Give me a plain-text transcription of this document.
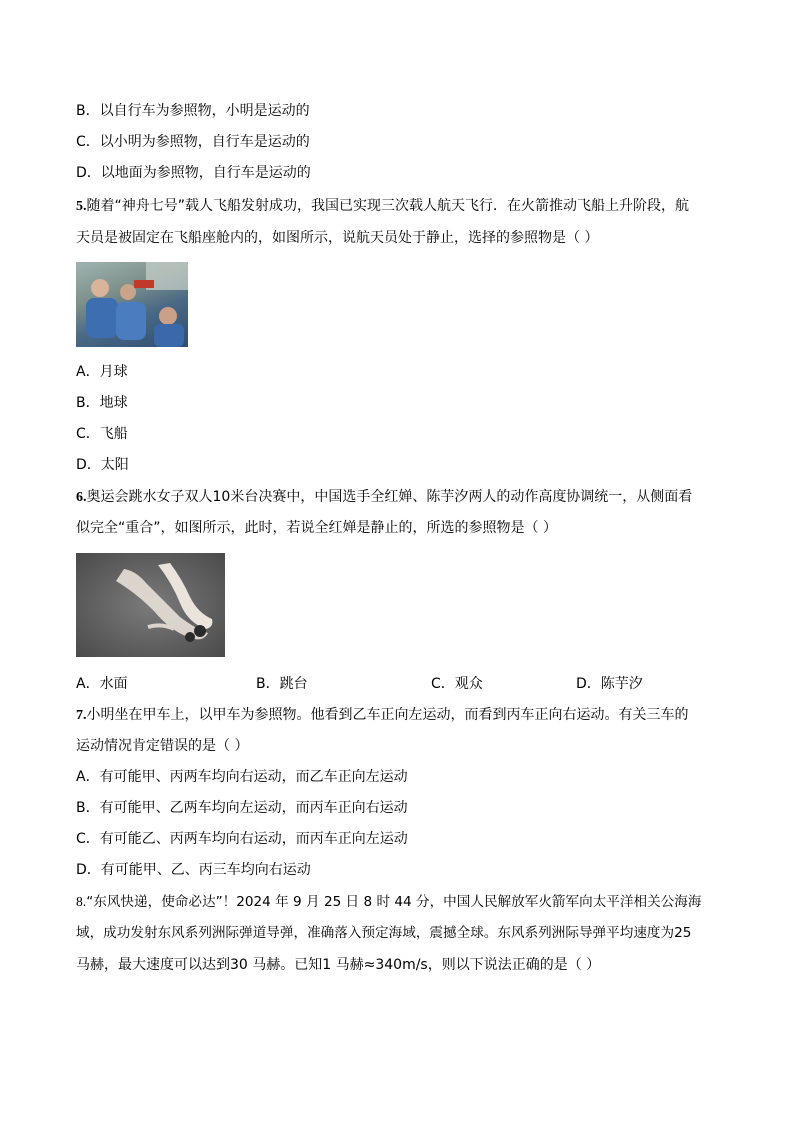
B．以自行车为参照物，小明是运动的
C．以小明为参照物，自行车是运动的
D．以地面为参照物，自行车是运动的
5.随着“神舟七号”载人飞船发射成功，我国已实现三次载人航天飞行．在火箭推动飞船上升阶段，航
天员是被固定在飞船座舱内的，如图所示，说航天员处于静止，选择的参照物是（ ）
A．月球
B．地球
C．飞船
D．太阳
6.奥运会跳水女子双人10米台决赛中，中国选手全红婵、陈芋汐两人的动作高度协调统一，从侧面看
似完全“重合”，如图所示，此时，若说全红婵是静止的，所选的参照物是（ ）
A．水面	B．跳台	C．观众	D．陈芋汐
7.小明坐在甲车上，以甲车为参照物。他看到乙车正向左运动，而看到丙车正向右运动。有关三车的
运动情况肯定错误的是（ ）
A．有可能甲、丙两车均向右运动，而乙车正向左运动
B．有可能甲、乙两车均向左运动，而丙车正向右运动
C．有可能乙、丙两车均向右运动，而丙车正向左运动
D．有可能甲、乙、丙三车均向右运动
8.“东风快递，使命必达”！2024 年 9 月 25 日 8 时 44 分，中国人民解放军火箭军向太平洋相关公海海
域，成功发射东风系列洲际弹道导弹，准确落入预定海域，震撼全球。东风系列洲际导弹平均速度为25
马赫，最大速度可以达到30 马赫。已知1 马赫≈340m/s，则以下说法正确的是（ ）
